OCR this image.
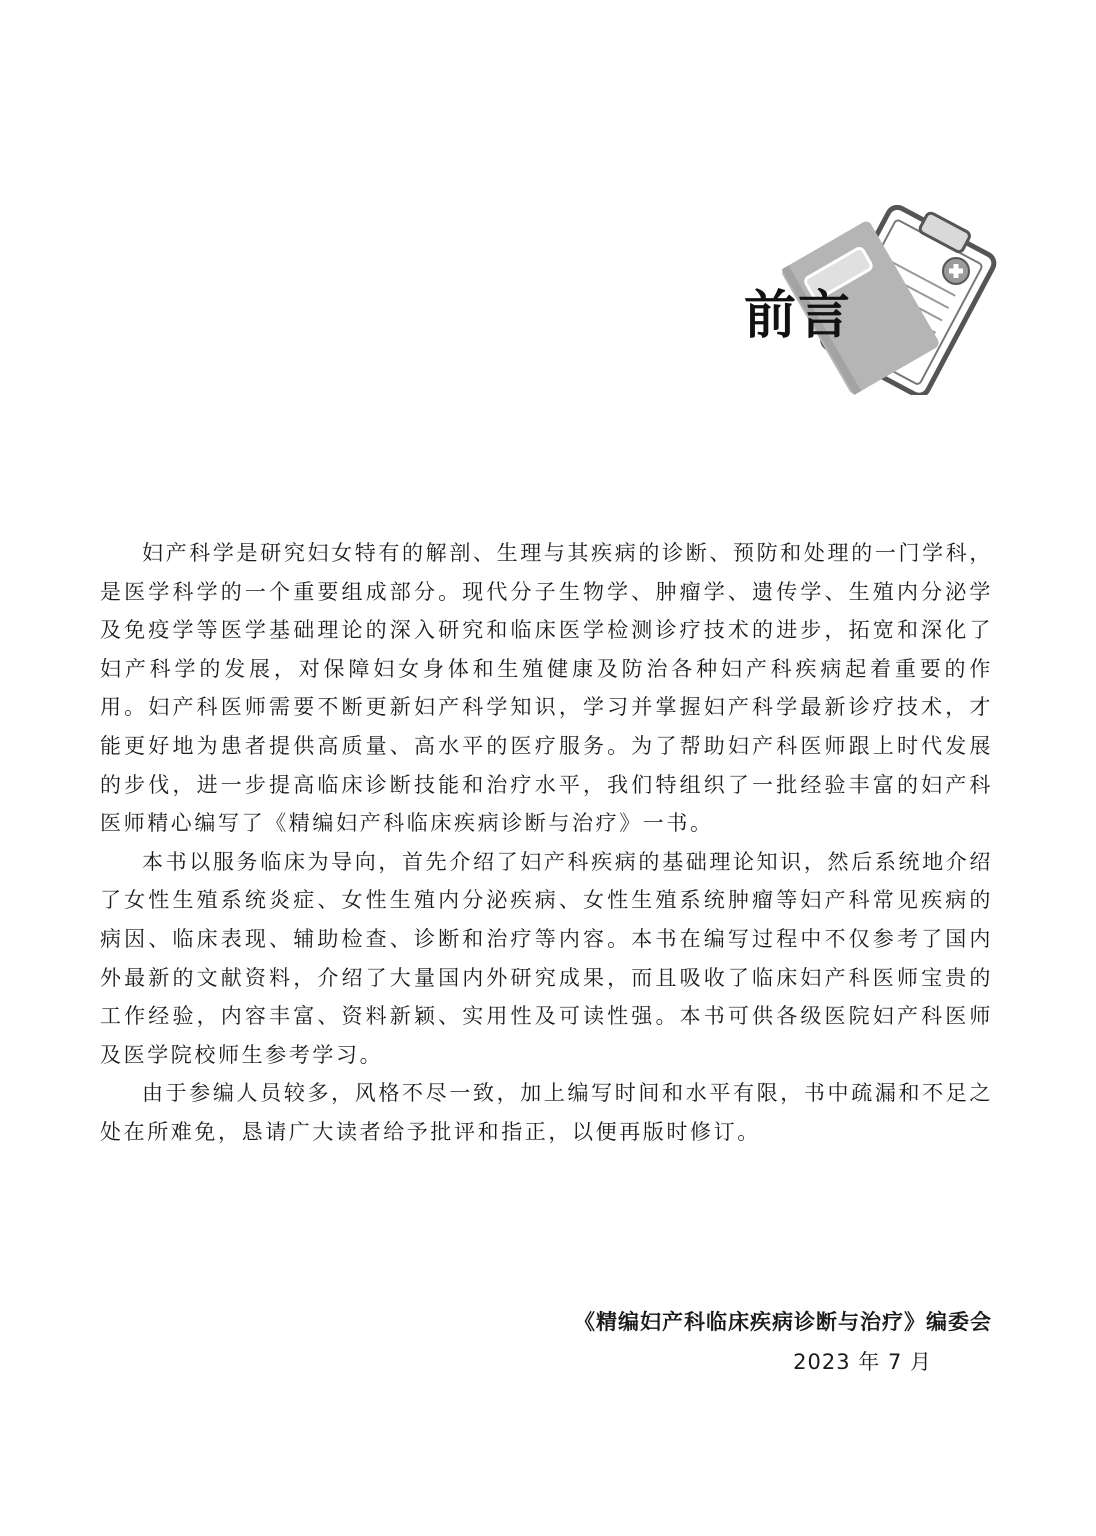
前言

妇产科学是研究妇女特有的解剖、生理与其疾病的诊断、预防和处理的一门学科，是医学科学的一个重要组成部分。现代分子生物学、肿瘤学、遗传学、生殖内分泌学及免疫学等医学基础理论的深入研究和临床医学检测诊疗技术的进步，拓宽和深化了妇产科学的发展，对保障妇女身体和生殖健康及防治各种妇产科疾病起着重要的作用。妇产科医师需要不断更新妇产科学知识，学习并掌握妇产科学最新诊疗技术，才能更好地为患者提供高质量、高水平的医疗服务。为了帮助妇产科医师跟上时代发展的步伐，进一步提高临床诊断技能和治疗水平，我们特组织了一批经验丰富的妇产科医师精心编写了《精编妇产科临床疾病诊断与治疗》一书。

本书以服务临床为导向，首先介绍了妇产科疾病的基础理论知识，然后系统地介绍了女性生殖系统炎症、女性生殖内分泌疾病、女性生殖系统肿瘤等妇产科常见疾病的病因、临床表现、辅助检查、诊断和治疗等内容。本书在编写过程中不仅参考了国内外最新的文献资料，介绍了大量国内外研究成果，而且吸收了临床妇产科医师宝贵的工作经验，内容丰富、资料新颖、实用性及可读性强。本书可供各级医院妇产科医师及医学院校师生参考学习。

由于参编人员较多，风格不尽一致，加上编写时间和水平有限，书中疏漏和不足之处在所难免，恳请广大读者给予批评和指正，以便再版时修订。

《精编妇产科临床疾病诊断与治疗》编委会
2023 年 7 月
